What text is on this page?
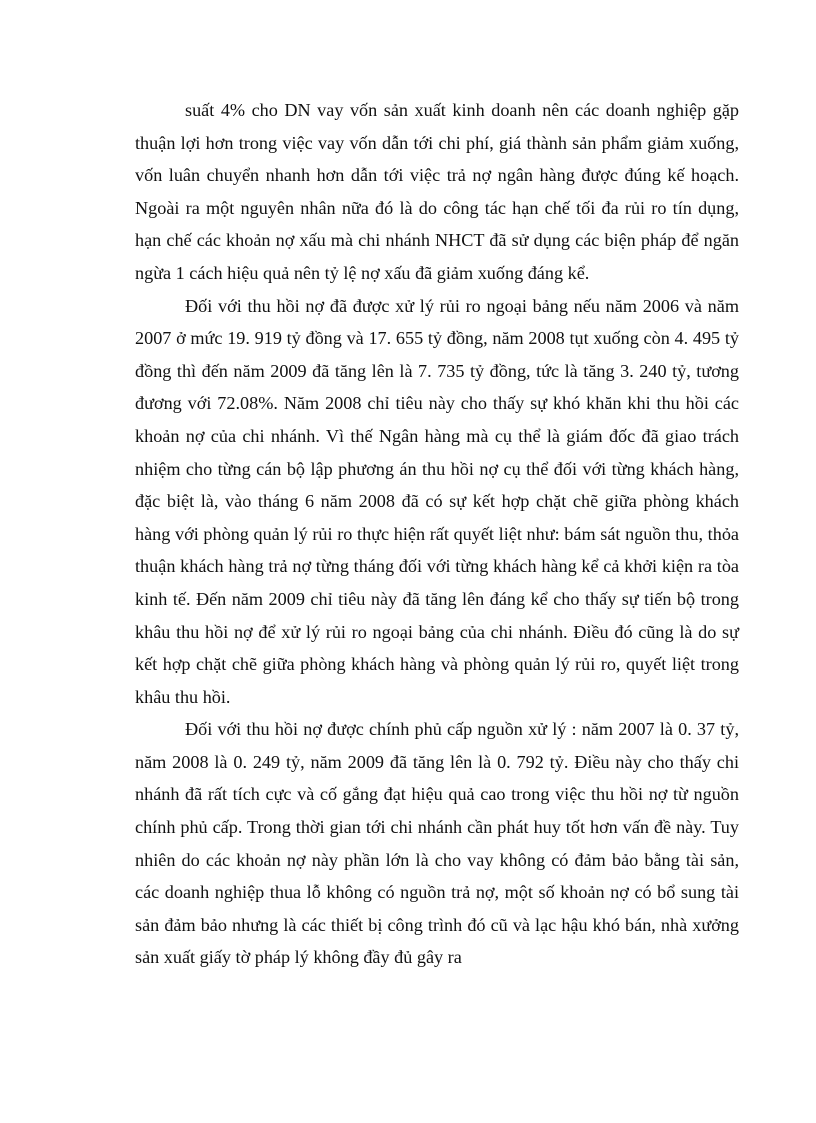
suất 4% cho DN vay vốn sản xuất kinh doanh nên các doanh nghiệp gặp thuận lợi hơn trong việc vay vốn dẫn tới chi phí, giá thành sản phẩm giảm xuống, vốn luân chuyển nhanh hơn dẫn tới việc trả nợ ngân hàng được đúng kế hoạch. Ngoài ra một nguyên nhân nữa đó là do công tác hạn chế tối đa rủi ro tín dụng, hạn chế các khoản nợ xấu mà chi nhánh NHCT đã sử dụng các biện pháp để ngăn ngừa 1 cách hiệu quả nên tỷ lệ nợ xấu đã giảm xuống đáng kể.

Đối với thu hồi nợ đã được xử lý rủi ro ngoại bảng nếu năm 2006 và năm 2007 ở mức 19. 919 tỷ đồng và 17. 655 tỷ đồng, năm 2008 tụt xuống còn 4. 495 tỷ đồng thì đến năm 2009 đã tăng lên là 7. 735 tỷ đồng, tức là tăng 3. 240 tỷ, tương đương với 72.08%. Năm 2008 chỉ tiêu này cho thấy sự khó khăn khi thu hồi các khoản nợ của chi nhánh. Vì thế Ngân hàng mà cụ thể là giám đốc đã giao trách nhiệm cho từng cán bộ lập phương án thu hồi nợ cụ thể đối với từng khách hàng, đặc biệt là, vào tháng 6 năm 2008 đã có sự kết hợp chặt chẽ giữa phòng khách hàng với phòng quản lý rủi ro thực hiện rất quyết liệt như: bám sát nguồn thu, thỏa thuận khách hàng trả nợ từng tháng đối với từng khách hàng kể cả khởi kiện ra tòa kinh tế. Đến năm 2009 chỉ tiêu này đã tăng lên đáng kể cho thấy sự tiến bộ trong khâu thu hồi nợ để xử lý rủi ro ngoại bảng của chi nhánh. Điều đó cũng là do sự kết hợp chặt chẽ giữa phòng khách hàng và phòng quản lý rủi ro, quyết liệt trong khâu thu hồi.

Đối với thu hồi nợ được chính phủ cấp nguồn xử lý : năm 2007 là 0. 37 tỷ, năm 2008 là 0. 249 tỷ, năm 2009 đã tăng lên là 0. 792 tỷ. Điều này cho thấy chi nhánh đã rất tích cực và cố gắng đạt hiệu quả cao trong việc thu hồi nợ từ nguồn chính phủ cấp. Trong thời gian tới chi nhánh cần phát huy tốt hơn vấn đề này. Tuy nhiên do các khoản nợ này phần lớn là cho vay không có đảm bảo bằng tài sản, các doanh nghiệp thua lỗ không có nguồn trả nợ, một số khoản nợ có bổ sung tài sản đảm bảo nhưng là các thiết bị công trình đó cũ và lạc hậu khó bán, nhà xưởng sản xuất giấy tờ pháp lý không đầy đủ gây ra
